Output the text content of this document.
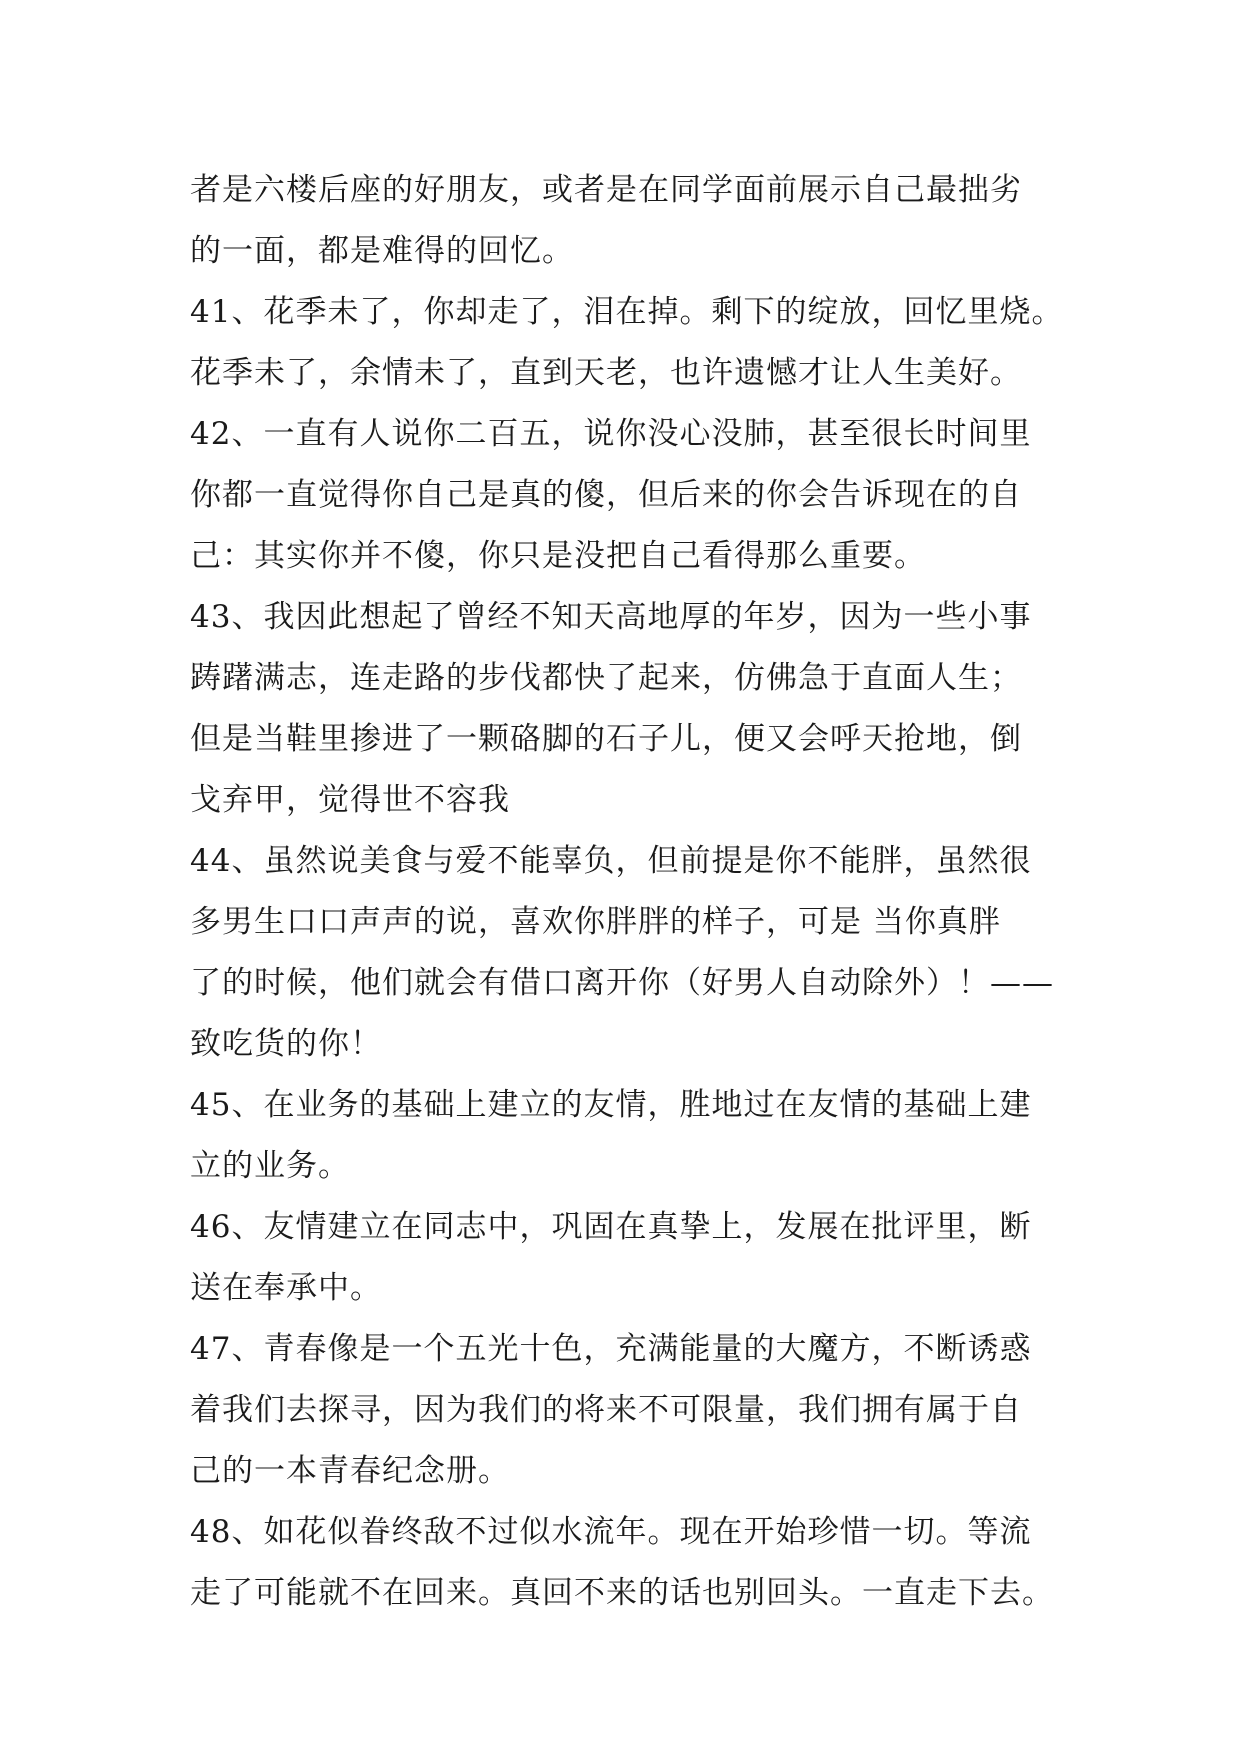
者是六楼后座的好朋友，或者是在同学面前展示自己最拙劣
的一面，都是难得的回忆。
41、花季未了，你却走了，泪在掉。剩下的绽放，回忆里烧。
花季未了，余情未了，直到天老，也许遗憾才让人生美好。
42、一直有人说你二百五，说你没心没肺，甚至很长时间里
你都一直觉得你自己是真的傻，但后来的你会告诉现在的自
己：其实你并不傻，你只是没把自己看得那么重要。
43、我因此想起了曾经不知天高地厚的年岁，因为一些小事
踌躇满志，连走路的步伐都快了起来，仿佛急于直面人生；
但是当鞋里掺进了一颗硌脚的石子儿，便又会呼天抢地，倒
戈弃甲，觉得世不容我
44、虽然说美食与爱不能辜负，但前提是你不能胖，虽然很
多男生口口声声的说，喜欢你胖胖的样子，可是 当你真胖
了的时候，他们就会有借口离开你（好男人自动除外）！——
致吃货的你！
45、在业务的基础上建立的友情，胜地过在友情的基础上建
立的业务。
46、友情建立在同志中，巩固在真挚上，发展在批评里，断
送在奉承中。
47、青春像是一个五光十色，充满能量的大魔方，不断诱惑
着我们去探寻，因为我们的将来不可限量，我们拥有属于自
己的一本青春纪念册。
48、如花似眷终敌不过似水流年。现在开始珍惜一切。等流
走了可能就不在回来。真回不来的话也别回头。一直走下去。
